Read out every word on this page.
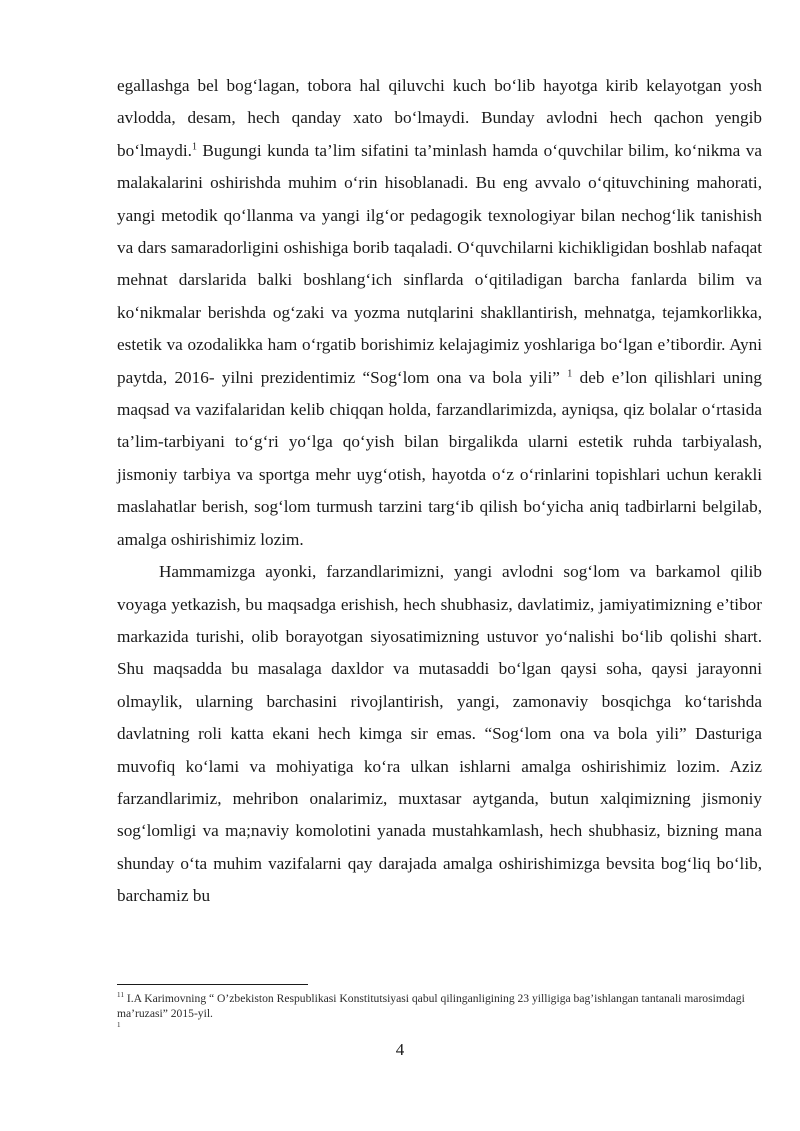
egallashga bel bog‘lagan, tobora hal qiluvchi kuch bo‘lib hayotga kirib kelayotgan yosh avlodda, desam, hech qanday xato bo‘lmaydi. Bunday avlodni hech qachon yengib bo‘lmaydi.$^1$ Bugungi kunda ta’lim sifatini ta’minlash hamda o‘quvchilar bilim, ko‘nikma va malakalarini oshirishda muhim o‘rin hisoblanadi. Bu eng avvalo o‘qituvchining mahorati, yangi metodik qo‘llanma va yangi ilg‘or pedagogik texnologiyar bilan nechog‘lik tanishish va dars samaradorligini oshishiga borib taqaladi. O‘quvchilarni kichikligidan boshlab nafaqat mehnat darslarida balki boshlang‘ich sinflarda o‘qitiladigan barcha fanlarda bilim va ko‘nikmalar berishda og‘zaki va yozma nutqlarini shakllantirish, mehnatga, tejamkorlikka, estetik va ozodalikka ham o‘rgatib borishimiz kelajagimiz yoshlariga bo‘lgan e’tibordir. Ayni paytda, 2016- yilni prezidentimiz “Sog‘lom ona va bola yili” $^1$ deb e’lon qilishlari uning maqsad va vazifalaridan kelib chiqqan holda, farzandlarimizda, ayniqsa, qiz bolalar o‘rtasida ta’lim-tarbiyani to‘g‘ri yo‘lga qo‘yish bilan birgalikda ularni estetik ruhda tarbiyalash, jismoniy tarbiya va sportga mehr uyg‘otish, hayotda o‘z o‘rinlarini topishlari uchun kerakli maslahatlar berish, sog‘lom turmush tarzini targ‘ib qilish bo‘yicha aniq tadbirlarni belgilab, amalga oshirishimiz lozim.

Hammamizga ayonki, farzandlarimizni, yangi avlodni sog‘lom va barkamol qilib voyaga yetkazish, bu maqsadga erishish, hech shubhasiz, davlatimiz, jamiyatimizning e’tibor markazida turishi, olib borayotgan siyosatimizning ustuvor yo‘nalishi bo‘lib qolishi shart. Shu maqsadda bu masalaga daxldor va mutasaddi bo‘lgan qaysi soha, qaysi jarayonni olmaylik, ularning barchasini rivojlantirish, yangi, zamonaviy bosqichga ko‘tarishda davlatning roli katta ekani hech kimga sir emas. “Sog‘lom ona va bola yili” Dasturiga muvofiq ko‘lami va mohiyatiga ko‘ra ulkan ishlarni amalga oshirishimiz lozim. Aziz farzandlarimiz, mehribon onalarimiz, muxtasar aytganda, butun xalqimizning jismoniy sog‘lomligi va ma;naviy komolotini yanada mustahkamlash, hech shubhasiz, bizning mana shunday o‘ta muhim vazifalarni qay darajada amalga oshirishimizga bevsita bog‘liq bo‘lib, barchamiz bu

$^{11}$ I.A Karimovning “ O’zbekiston Respublikasi Konstitutsiyasi qabul qilinganligining 23 yilligiga bag’ishlangan tantanali marosimdagi ma’ruzasi” 2015-yil.

1

4
